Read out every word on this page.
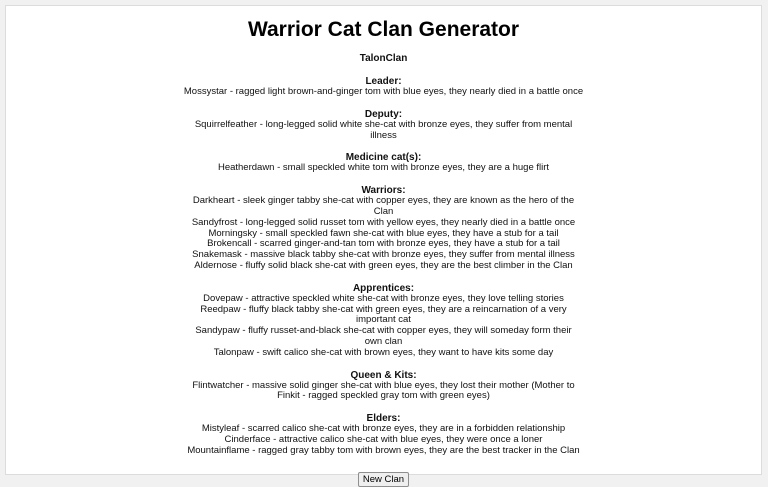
Warrior Cat Clan Generator
TalonClan
Leader:
Mossystar - ragged light brown-and-ginger tom with blue eyes, they nearly died in a battle once
Deputy:
Squirrelfeather - long-legged solid white she-cat with bronze eyes, they suffer from mental illness
Medicine cat(s):
Heatherdawn - small speckled white tom with bronze eyes, they are a huge flirt
Warriors:
Darkheart - sleek ginger tabby she-cat with copper eyes, they are known as the hero of the Clan
Sandyfrost - long-legged solid russet tom with yellow eyes, they nearly died in a battle once
Morningsky - small speckled fawn she-cat with blue eyes, they have a stub for a tail
Brokencall - scarred ginger-and-tan tom with bronze eyes, they have a stub for a tail
Snakemask - massive black tabby she-cat with bronze eyes, they suffer from mental illness
Aldernose - fluffy solid black she-cat with green eyes, they are the best climber in the Clan
Apprentices:
Dovepaw - attractive speckled white she-cat with bronze eyes, they love telling stories
Reedpaw - fluffy black tabby she-cat with green eyes, they are a reincarnation of a very important cat
Sandypaw - fluffy russet-and-black she-cat with copper eyes, they will someday form their own clan
Talonpaw - swift calico she-cat with brown eyes, they want to have kits some day
Queen & Kits:
Flintwatcher - massive solid ginger she-cat with blue eyes, they lost their mother (Mother to Finkit - ragged speckled gray tom with green eyes)
Elders:
Mistyleaf - scarred calico she-cat with bronze eyes, they are in a forbidden relationship
Cinderface - attractive calico she-cat with blue eyes, they were once a loner
Mountainflame - ragged gray tabby tom with brown eyes, they are the best tracker in the Clan
New Clan
